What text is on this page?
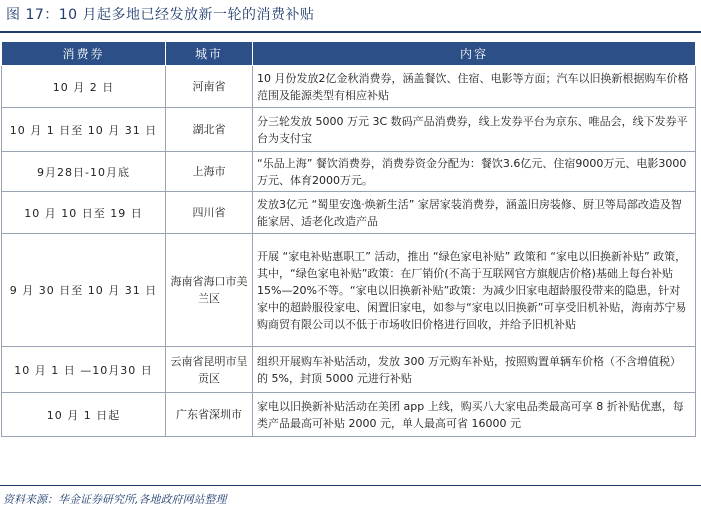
图 17：10 月起多地已经发放新一轮的消费补贴
消费券	城市	内容
10 月 2 日	河南省	10 月份发放2亿金秋消费券，涵盖餐饮、住宿、电影等方面；汽车以旧换新根据购车价格范围及能源类型有相应补贴
10 月 1 日至 10 月 31 日	湖北省	分三轮发放 5000 万元 3C 数码产品消费券，线上发券平台为京东、唯品会，线下发券平台为支付宝
9月28日-10月底	上海市	“乐品上海” 餐饮消费券，消费券资金分配为：餐饮3.6亿元、住宿9000万元、电影3000万元、体育2000万元。
10 月 10 日至 19 日	四川省	发放3亿元 “蜀里安逸·焕新生活” 家居家装消费券，涵盖旧房装修、厨卫等局部改造及智能家居、适老化改造产品
9 月 30 日至 10 月 31 日	海南省海口市美兰区	开展 “家电补贴惠职工” 活动，推出 “绿色家电补贴” 政策和 “家电以旧换新补贴” 政策，其中，“绿色家电补贴”政策：在厂销价(不高于互联网官方旗舰店价格)基础上每台补贴15%—20%不等。“家电以旧换新补贴”政策：为减少旧家电超龄服役带来的隐患，针对家中的超龄服役家电、闲置旧家电，如参与“家电以旧换新”可享受旧机补贴，海南苏宁易购商贸有限公司以不低于市场收旧价格进行回收，并给予旧机补贴
10 月 1 日 —10月30 日	云南省昆明市呈贡区	组织开展购车补贴活动，发放 300 万元购车补贴，按照购置单辆车价格（不含增值税）的 5%，封顶 5000 元进行补贴
10 月 1 日起	广东省深圳市	家电以旧换新补贴活动在美团 app 上线，购买八大家电品类最高可享 8 折补贴优惠，每类产品最高可补贴 2000 元，单人最高可省 16000 元
资料来源：华金证券研究所,各地政府网站整理
